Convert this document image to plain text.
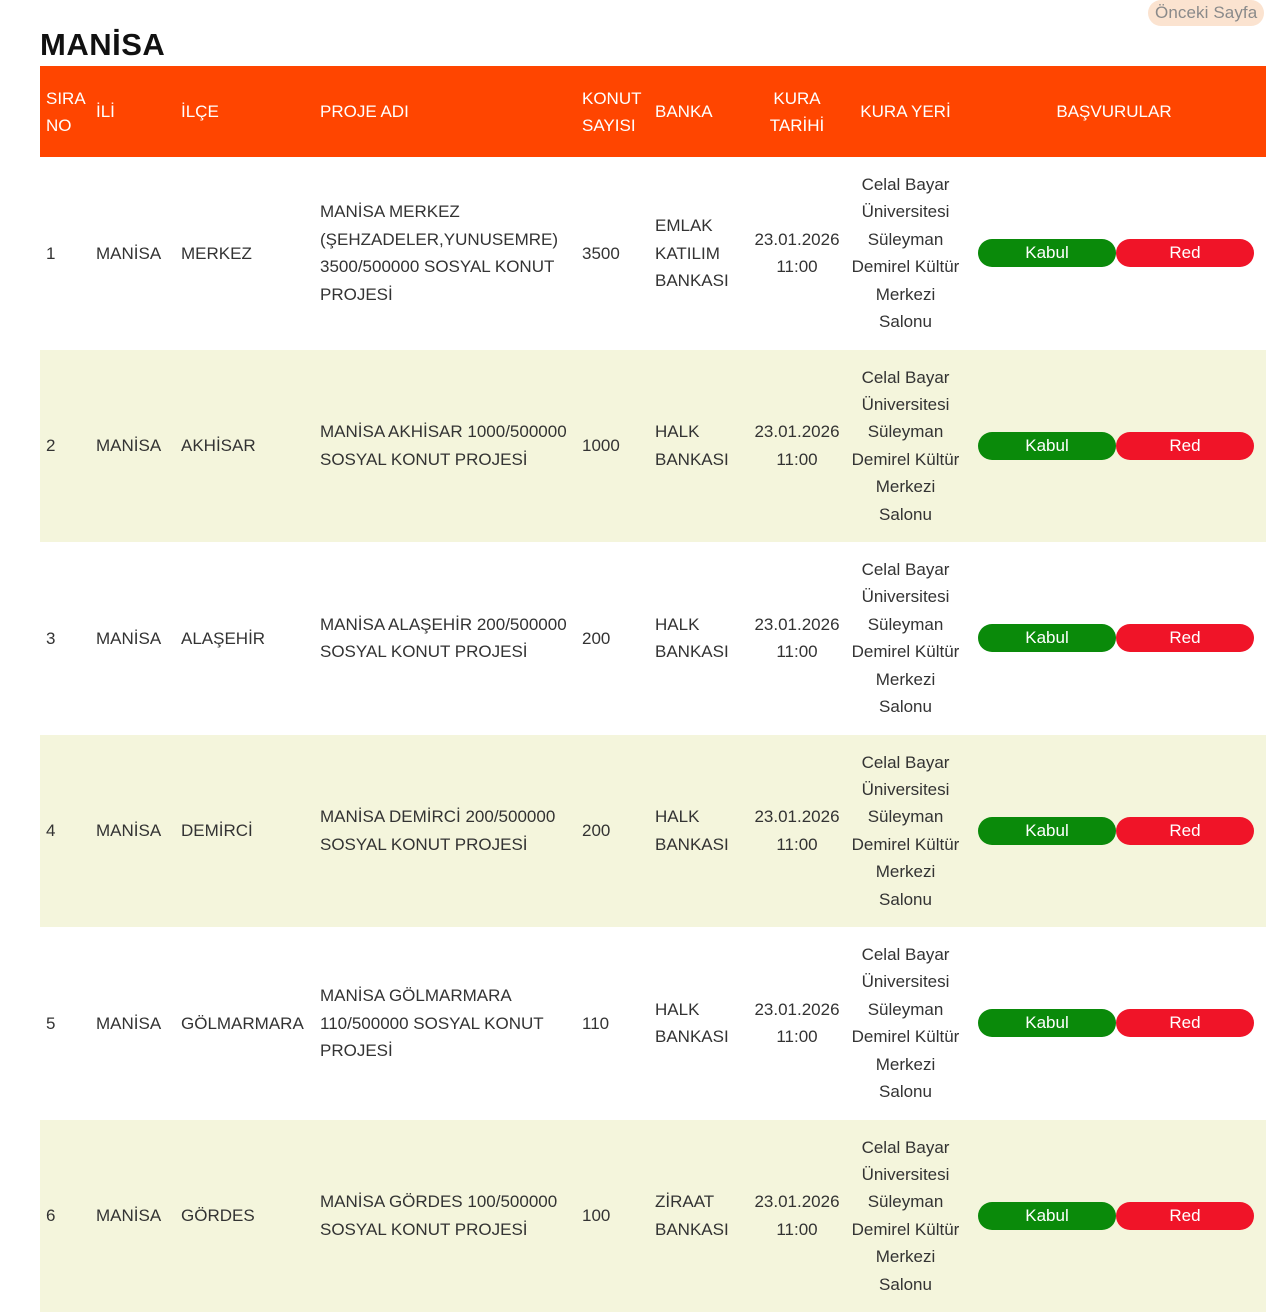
Önceki Sayfa
MANİSA
SIRA NO	İLİ	İLÇE	PROJE ADI	KONUT SAYISI	BANKA	KURA TARİHİ	KURA YERİ	BAŞVURULAR
1	MANİSA	MERKEZ	MANİSA MERKEZ (ŞEHZADELER,YUNUSEMRE) 3500/500000 SOSYAL KONUT PROJESİ	3500	EMLAK KATILIM BANKASI	23.01.2026 11:00	Celal Bayar Üniversitesi Süleyman Demirel Kültür Merkezi Salonu	Kabul Red

2	MANİSA	AKHİSAR	MANİSA AKHİSAR 1000/500000 SOSYAL KONUT PROJESİ	1000	HALK BANKASI	23.01.2026 11:00	Celal Bayar Üniversitesi Süleyman Demirel Kültür Merkezi Salonu	Kabul Red

3	MANİSA	ALAŞEHİR	MANİSA ALAŞEHİR 200/500000 SOSYAL KONUT PROJESİ	200	HALK BANKASI	23.01.2026 11:00	Celal Bayar Üniversitesi Süleyman Demirel Kültür Merkezi Salonu	Kabul Red

4	MANİSA	DEMİRCİ	MANİSA DEMİRCİ 200/500000 SOSYAL KONUT PROJESİ	200	HALK BANKASI	23.01.2026 11:00	Celal Bayar Üniversitesi Süleyman Demirel Kültür Merkezi Salonu	Kabul Red

5	MANİSA	GÖLMARMARA	MANİSA GÖLMARMARA 110/500000 SOSYAL KONUT PROJESİ	110	HALK BANKASI	23.01.2026 11:00	Celal Bayar Üniversitesi Süleyman Demirel Kültür Merkezi Salonu	Kabul Red

6	MANİSA	GÖRDES	MANİSA GÖRDES 100/500000 SOSYAL KONUT PROJESİ	100	ZİRAAT BANKASI	23.01.2026 11:00	Celal Bayar Üniversitesi Süleyman Demirel Kültür Merkezi Salonu	Kabul Red
